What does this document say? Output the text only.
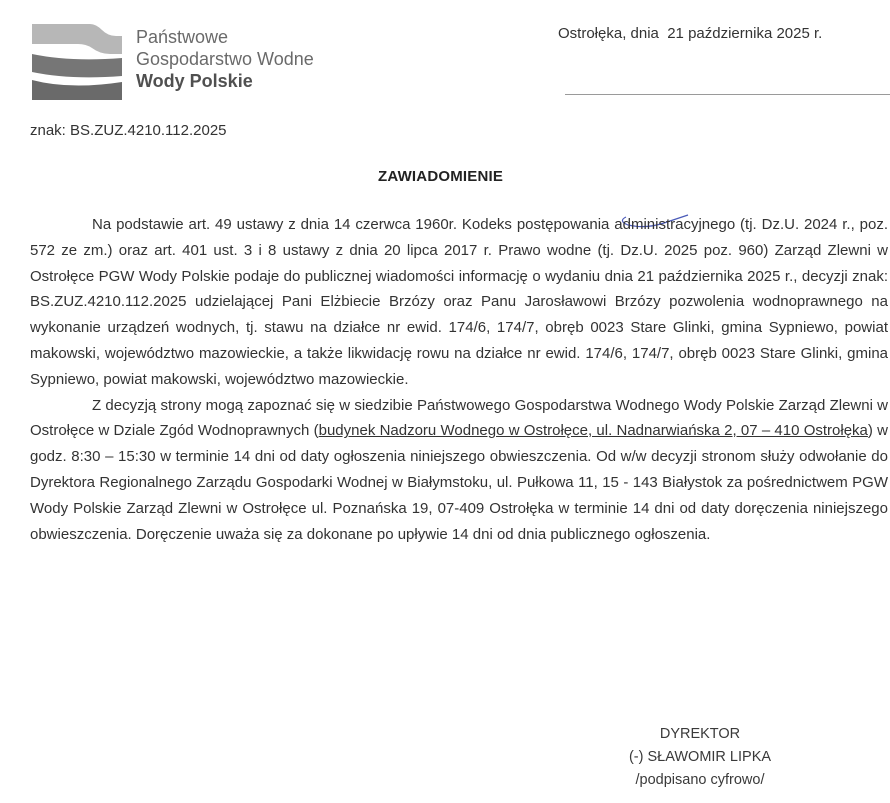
Państwowe
Gospodarstwo Wodne
Wody Polskie
Ostrołęka, dnia  21 października 2025 r.
znak: BS.ZUZ.4210.112.2025
ZAWIADOMIENIE

Na podstawie art. 49 ustawy z dnia 14 czerwca 1960r. Kodeks postępowania administracyjnego (tj. Dz.U. 2024 r., poz. 572 ze zm.) oraz art. 401 ust. 3 i 8 ustawy z dnia 20 lipca 2017 r. Prawo wodne (tj. Dz.U. 2025 poz. 960) Zarząd Zlewni w Ostrołęce PGW Wody Polskie podaje do publicznej wiadomości informację o wydaniu dnia 21 października 2025 r., decyzji znak: BS.ZUZ.4210.112.2025 udzielającej Pani Elżbiecie Brzózy oraz Panu Jarosławowi Brzózy pozwolenia wodnoprawnego na wykonanie urządzeń wodnych, tj. stawu na działce nr ewid. 174/6, 174/7, obręb 0023 Stare Glinki, gmina Sypniewo, powiat makowski, województwo mazowieckie, a także likwidację rowu na działce nr ewid. 174/6, 174/7, obręb 0023 Stare Glinki, gmina Sypniewo, powiat makowski, województwo mazowieckie.

Z decyzją strony mogą zapoznać się w siedzibie Państwowego Gospodarstwa Wodnego Wody Polskie Zarząd Zlewni w Ostrołęce w Dziale Zgód Wodnoprawnych (budynek Nadzoru Wodnego w Ostrołęce, ul. Nadnarwiańska 2, 07 – 410 Ostrołęka) w godz. 8:30 – 15:30 w terminie 14 dni od daty ogłoszenia niniejszego obwieszczenia. Od w/w decyzji stronom służy odwołanie do Dyrektora Regionalnego Zarządu Gospodarki Wodnej w Białymstoku, ul. Pułkowa 11, 15 - 143 Białystok za pośrednictwem PGW Wody Polskie Zarząd Zlewni w Ostrołęce ul. Poznańska 19, 07-409 Ostrołęka w terminie 14 dni od daty doręczenia niniejszego obwieszczenia. Doręczenie uważa się za dokonane po upływie 14 dni od dnia publicznego ogłoszenia.

DYREKTOR
(-) SŁAWOMIR LIPKA
/podpisano cyfrowo/
